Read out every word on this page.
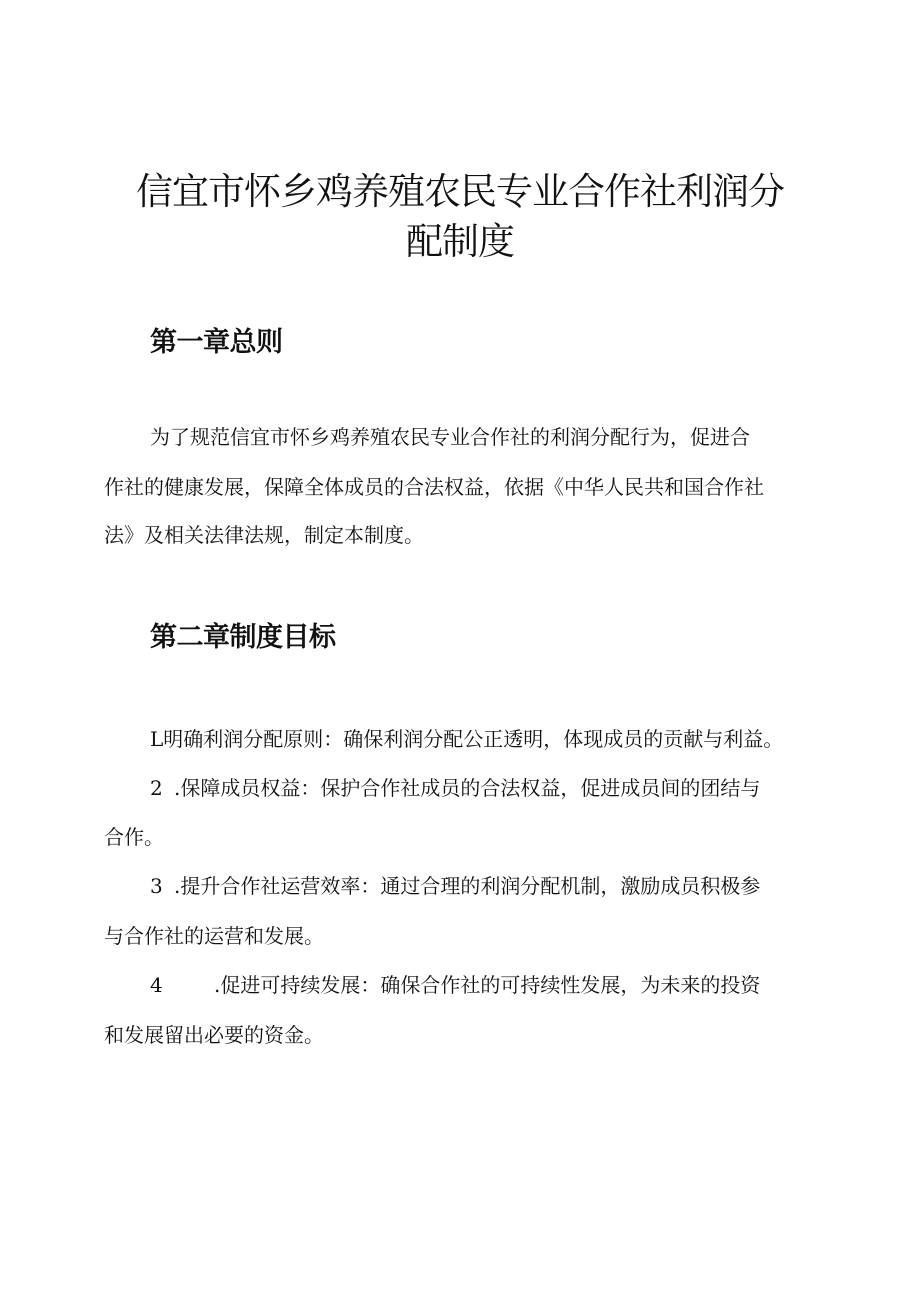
信宜市怀乡鸡养殖农民专业合作社利润分
配制度
第一章总则

为了规范信宜市怀乡鸡养殖农民专业合作社的利润分配行为，促进合

作社的健康发展，保障全体成员的合法权益，依据《中华人民共和国合作社

法》及相关法律法规，制定本制度。

第二章制度目标

L明确利润分配原则：确保利润分配公正透明，体现成员的贡献与利益。

2 .保障成员权益：保护合作社成员的合法权益，促进成员间的团结与

合作。

3 .提升合作社运营效率：通过合理的利润分配机制，激励成员积极参

与合作社的运营和发展。

4	.促进可持续发展：确保合作社的可持续性发展，为未来的投资

和发展留出必要的资金。
